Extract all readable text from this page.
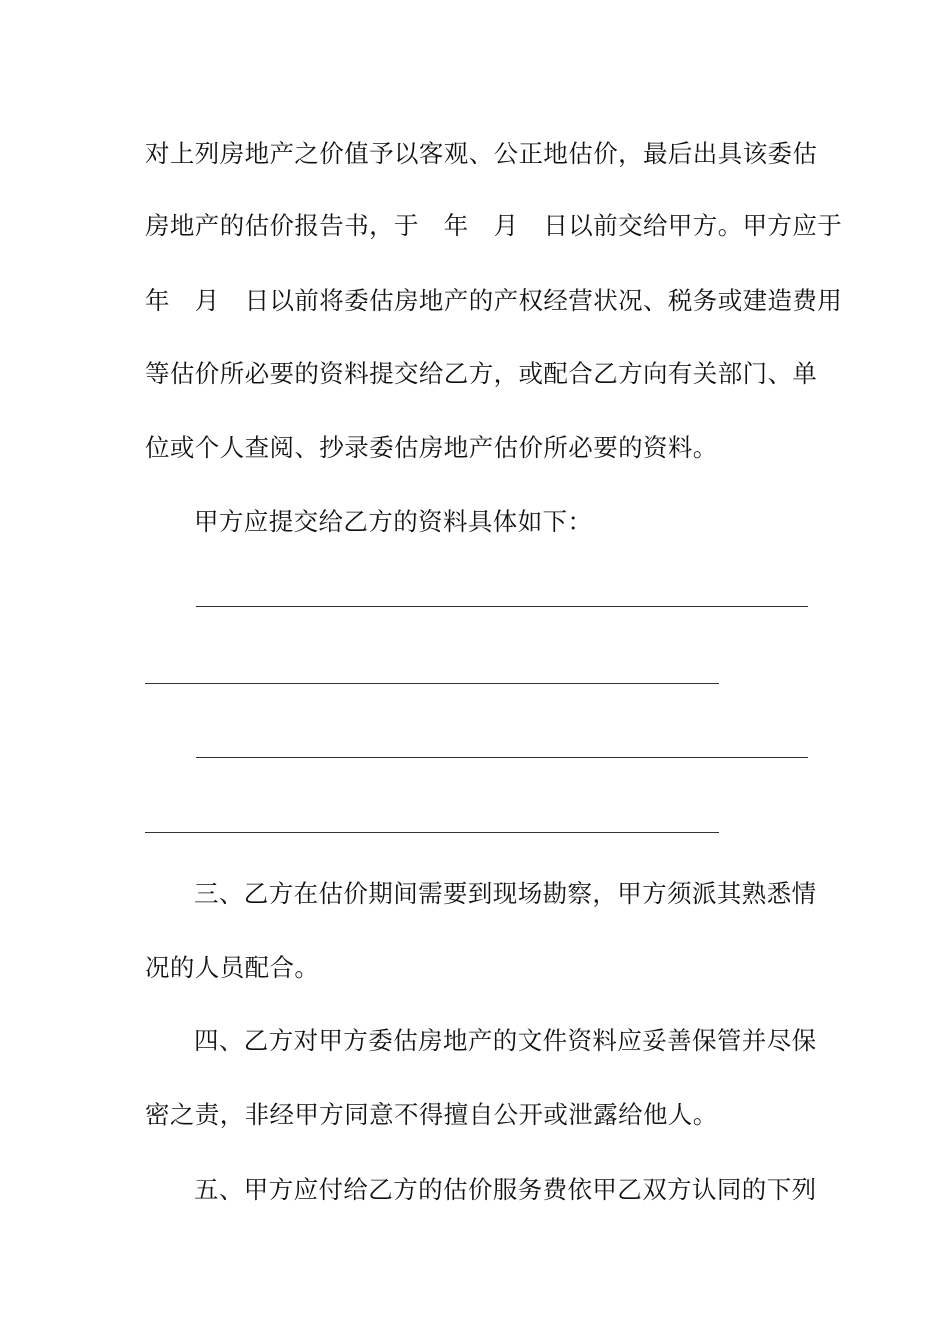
对上列房地产之价值予以客观、公正地估价，最后出具该委估
房地产的估价报告书，于　年　月　日以前交给甲方。甲方应于
年　月　日以前将委估房地产的产权经营状况、税务或建造费用
等估价所必要的资料提交给乙方，或配合乙方向有关部门、单
位或个人查阅、抄录委估房地产估价所必要的资料。
甲方应提交给乙方的资料具体如下：
三、乙方在估价期间需要到现场勘察，甲方须派其熟悉情
况的人员配合。
四、乙方对甲方委估房地产的文件资料应妥善保管并尽保
密之责，非经甲方同意不得擅自公开或泄露给他人。
五、甲方应付给乙方的估价服务费依甲乙双方认同的下列
